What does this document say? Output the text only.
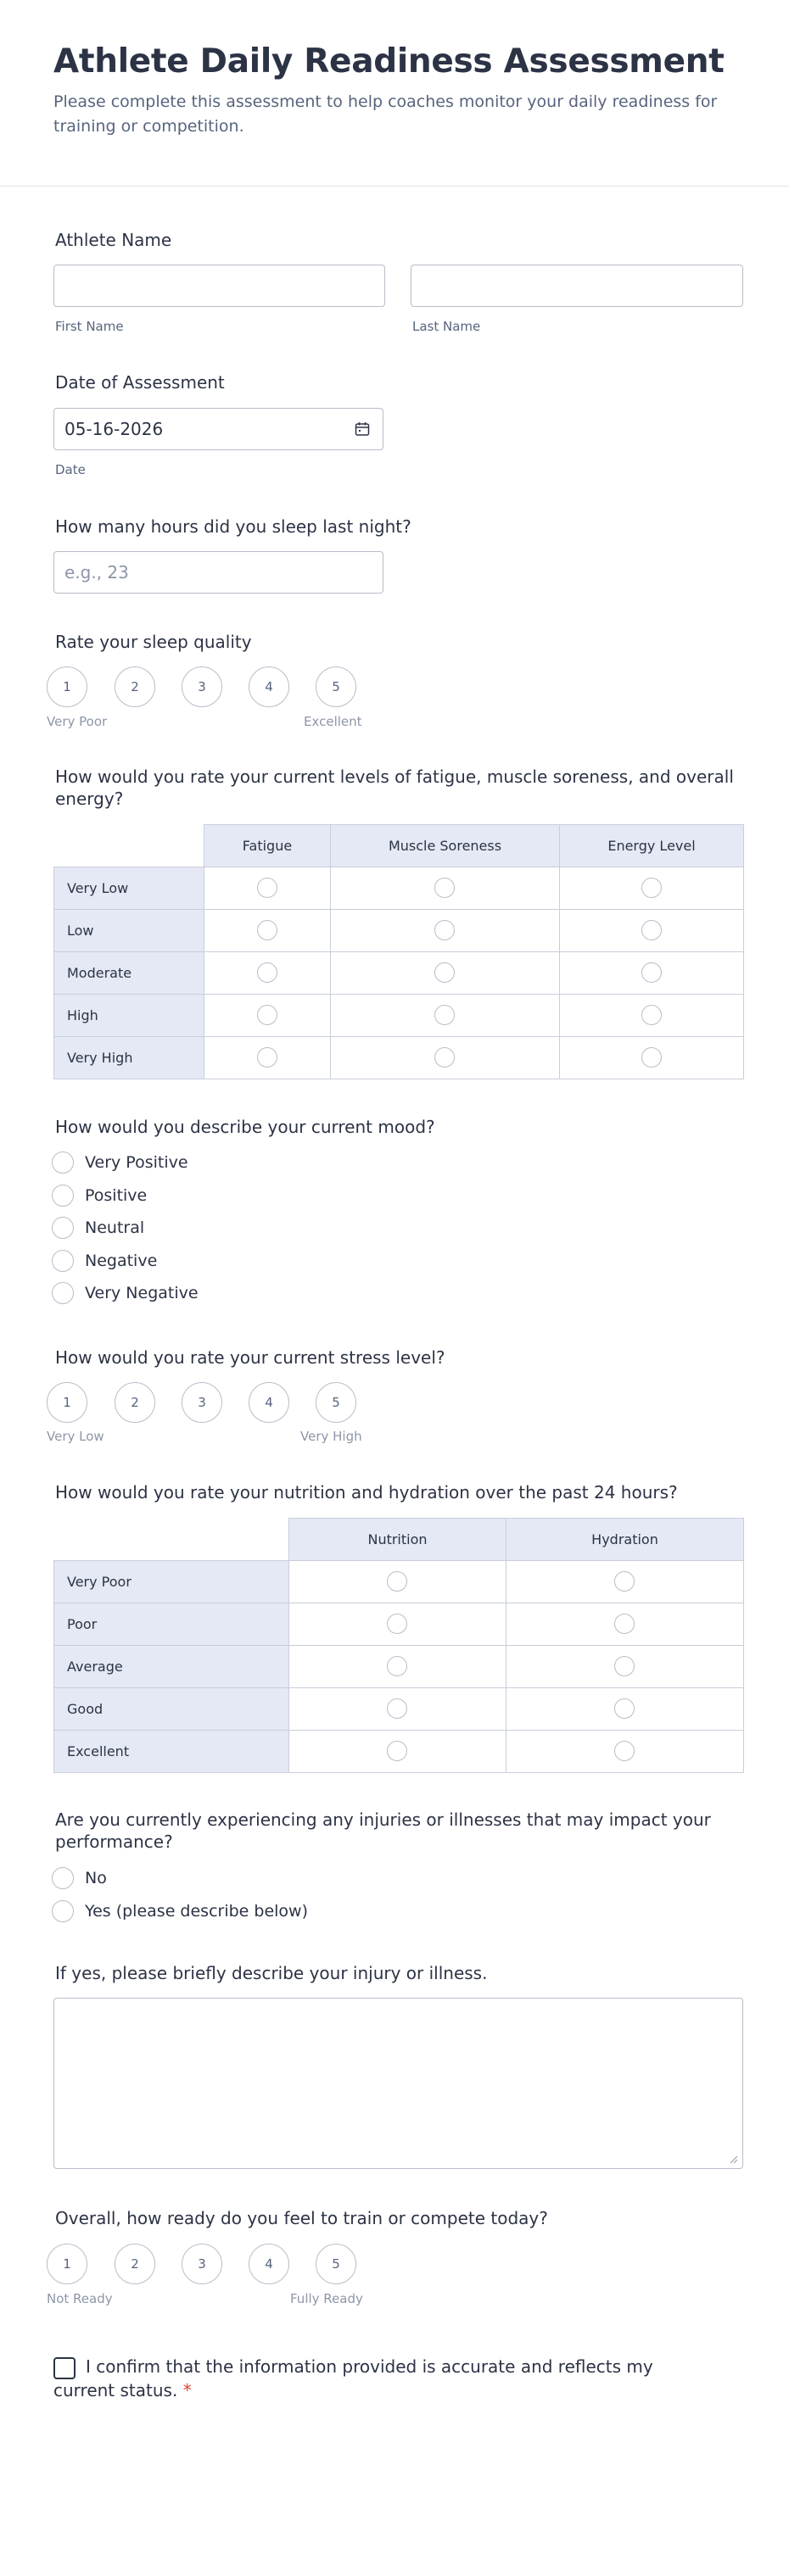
Athlete Daily Readiness Assessment
Please complete this assessment to help coaches monitor your daily readiness for training or competition.
Athlete Name
First Name	Last Name
Date of Assessment
05-16-2026
Date
How many hours did you sleep last night?
e.g., 23
Rate your sleep quality
1	2	3	4	5
Very Poor	Excellent
How would you rate your current levels of fatigue, muscle soreness, and overall energy?
Fatigue	Muscle Soreness	Energy Level
Very Low
Low
Moderate
High
Very High
How would you describe your current mood?
Very Positive
Positive
Neutral
Negative
Very Negative
How would you rate your current stress level?
1	2	3	4	5
Very Low	Very High
How would you rate your nutrition and hydration over the past 24 hours?
Nutrition	Hydration
Very Poor
Poor
Average
Good
Excellent
Are you currently experiencing any injuries or illnesses that may impact your performance?
No
Yes (please describe below)
If yes, please briefly describe your injury or illness.
Overall, how ready do you feel to train or compete today?
1	2	3	4	5
Not Ready	Fully Ready
I confirm that the information provided is accurate and reflects my current status. *
